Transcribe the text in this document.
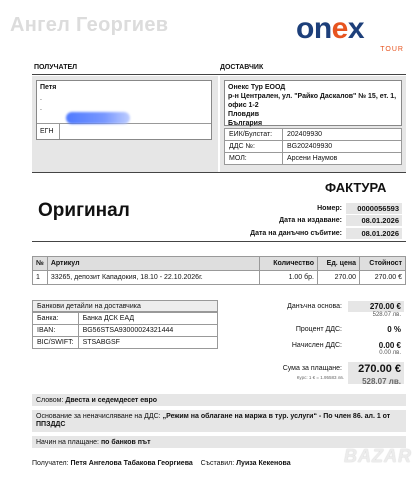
Ангел Георгиев	onex
TOUR
ПОЛУЧАТЕЛ	ДОСТАВЧИК
Петя
.
.
ЕГН
Онекс Тур ЕООД
р-н Централен, ул. "Райко Даскалов" № 15, ет. 1, офис 1-2
Пловдив
България
ЕИК/Булстат:	202409930
ДДС №:	BG202409930
МОЛ:	Арсени Наумов
ФАКТУРА
Оригинал	Номер:	0000056593
Дата на издаване:	08.01.2026
Дата на данъчно събитие:	08.01.2026
№	Артикул	Количество	Ед. цена	Стойност
1	33265, депозит Кападокия, 18.10 - 22.10.2026г.	1.00 бр.	270.00	270.00 €
Банкови детайли на доставчика
Банка:	Банка ДСК ЕАД
IBAN:	BG56STSA93000024321444
BIC/SWIFT:	STSABGSF
Данъчна основа:	270.00 €
528.07 лв.
Процент ДДС:	0 %
Начислен ДДС:	0.00 €
0.00 лв.
Сума за плащане:	270.00 €
528.07 лв.
Курс: 1 € = 1.95583 лв.
Словом: Двеста и седемдесет евро
Основание за неначисляване на ДДС: „Режим на облагане на маржа в тур. услуги“ - По член 86. ал. 1 от ППЗДДС
Начин на плащане: по банков път
Получател: Петя Ангелова Табакова Георгиева Съставил: Луиза Кекенова	BAZAR
